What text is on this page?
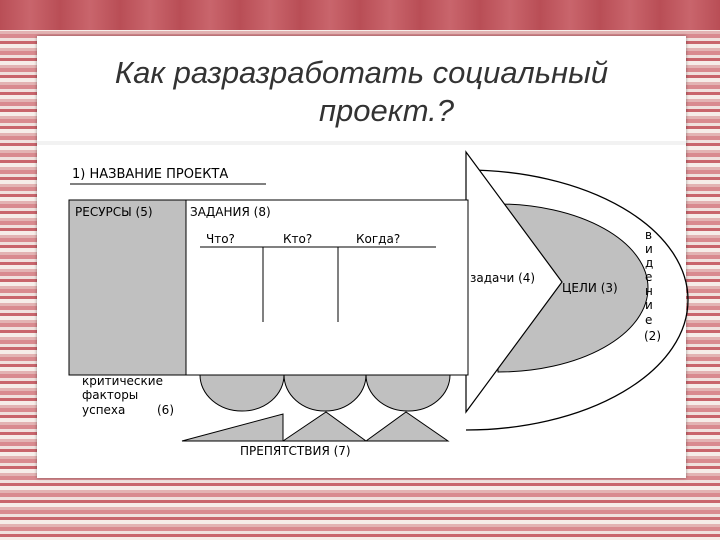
Как разразработать социальный
проект.?
1) НАЗВАНИЕ ПРОЕКТА
РЕСУРСЫ (5)	ЗАДАНИЯ (8)
Что?	Кто?	Когда?
задачи (4)
ЦЕЛИ (3)
в
и
д
е
н
и
е
(2)
критические
факторы
успеха	(6)
ПРЕПЯТСТВИЯ (7)
